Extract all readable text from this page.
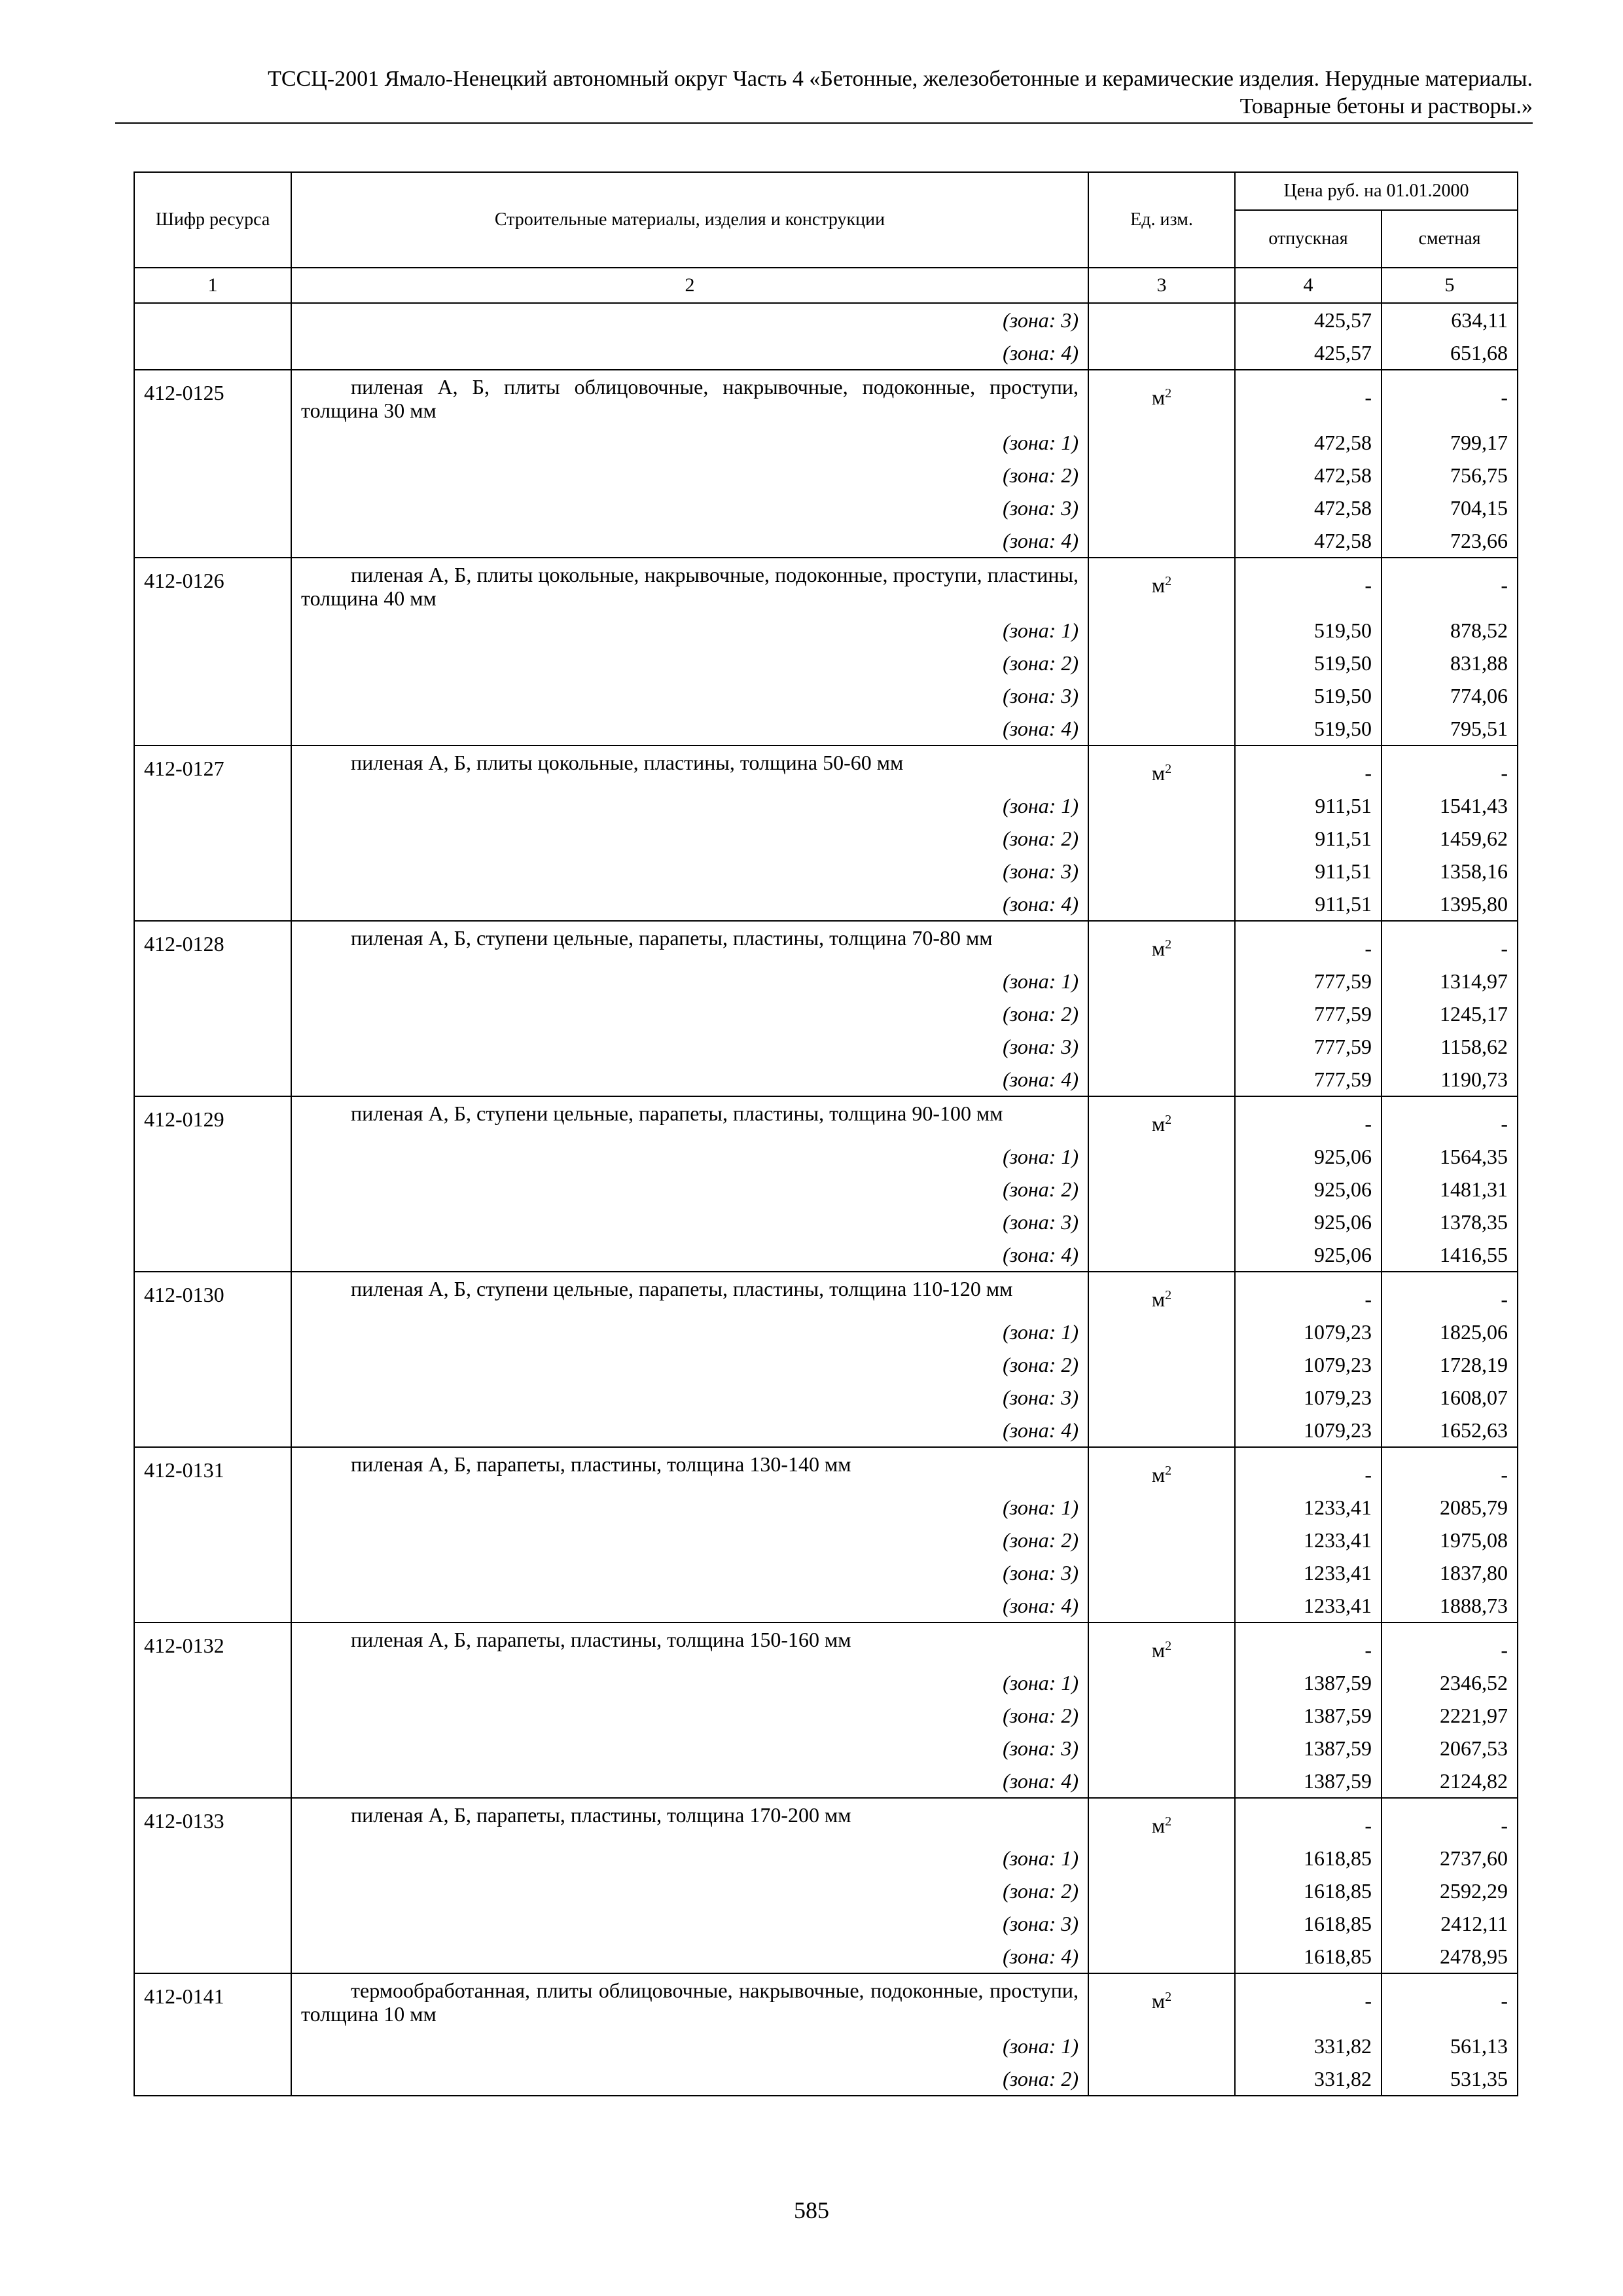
ТССЦ-2001 Ямало-Ненецкий автономный округ Часть 4 «Бетонные, железобетонные и керамические изделия. Нерудные материалы.
Товарные бетоны и растворы.»
Шифр ресурса	Строительные материалы, изделия и конструкции	Ед. изм.	Цена руб. на 01.01.2000	
			отпускная	сметная
1	2	3	4	5

	(зона: 3)		425,57	634,11

	(зона: 4)		425,57	651,68
412-0125	пиленая А, Б, плиты облицовочные, накрывочные, подоконные, проступи, толщина 30 мм	$м^2$	-	-

	(зона: 1)		472,58	799,17

	(зона: 2)		472,58	756,75

	(зона: 3)		472,58	704,15

	(зона: 4)		472,58	723,66
412-0126	пиленая А, Б, плиты цокольные, накрывочные, подоконные, проступи, пластины, толщина 40 мм	$м^2$	-	-

	(зона: 1)		519,50	878,52

	(зона: 2)		519,50	831,88

	(зона: 3)		519,50	774,06

	(зона: 4)		519,50	795,51
412-0127	пиленая А, Б, плиты цокольные, пластины, толщина 50-60 мм	$м^2$	-	-

	(зона: 1)		911,51	1541,43

	(зона: 2)		911,51	1459,62

	(зона: 3)		911,51	1358,16

	(зона: 4)		911,51	1395,80
412-0128	пиленая А, Б, ступени цельные, парапеты, пластины, толщина 70-80 мм	$м^2$	-	-

	(зона: 1)		777,59	1314,97

	(зона: 2)		777,59	1245,17

	(зона: 3)		777,59	1158,62

	(зона: 4)		777,59	1190,73
412-0129	пиленая А, Б, ступени цельные, парапеты, пластины, толщина 90-100 мм	$м^2$	-	-

	(зона: 1)		925,06	1564,35

	(зона: 2)		925,06	1481,31

	(зона: 3)		925,06	1378,35

	(зона: 4)		925,06	1416,55
412-0130	пиленая А, Б, ступени цельные, парапеты, пластины, толщина 110-120 мм	$м^2$	-	-

	(зона: 1)		1079,23	1825,06

	(зона: 2)		1079,23	1728,19

	(зона: 3)		1079,23	1608,07

	(зона: 4)		1079,23	1652,63
412-0131	пиленая А, Б, парапеты, пластины, толщина 130-140 мм	$м^2$	-	-

	(зона: 1)		1233,41	2085,79

	(зона: 2)		1233,41	1975,08

	(зона: 3)		1233,41	1837,80

	(зона: 4)		1233,41	1888,73
412-0132	пиленая А, Б, парапеты, пластины, толщина 150-160 мм	$м^2$	-	-

	(зона: 1)		1387,59	2346,52

	(зона: 2)		1387,59	2221,97

	(зона: 3)		1387,59	2067,53

	(зона: 4)		1387,59	2124,82
412-0133	пиленая А, Б, парапеты, пластины, толщина 170-200 мм	$м^2$	-	-

	(зона: 1)		1618,85	2737,60

	(зона: 2)		1618,85	2592,29

	(зона: 3)		1618,85	2412,11

	(зона: 4)		1618,85	2478,95
412-0141	термообработанная, плиты облицовочные, накрывочные, подоконные, проступи, толщина 10 мм	$м^2$	-	-

	(зона: 1)		331,82	561,13

	(зона: 2)		331,82	531,35
585
